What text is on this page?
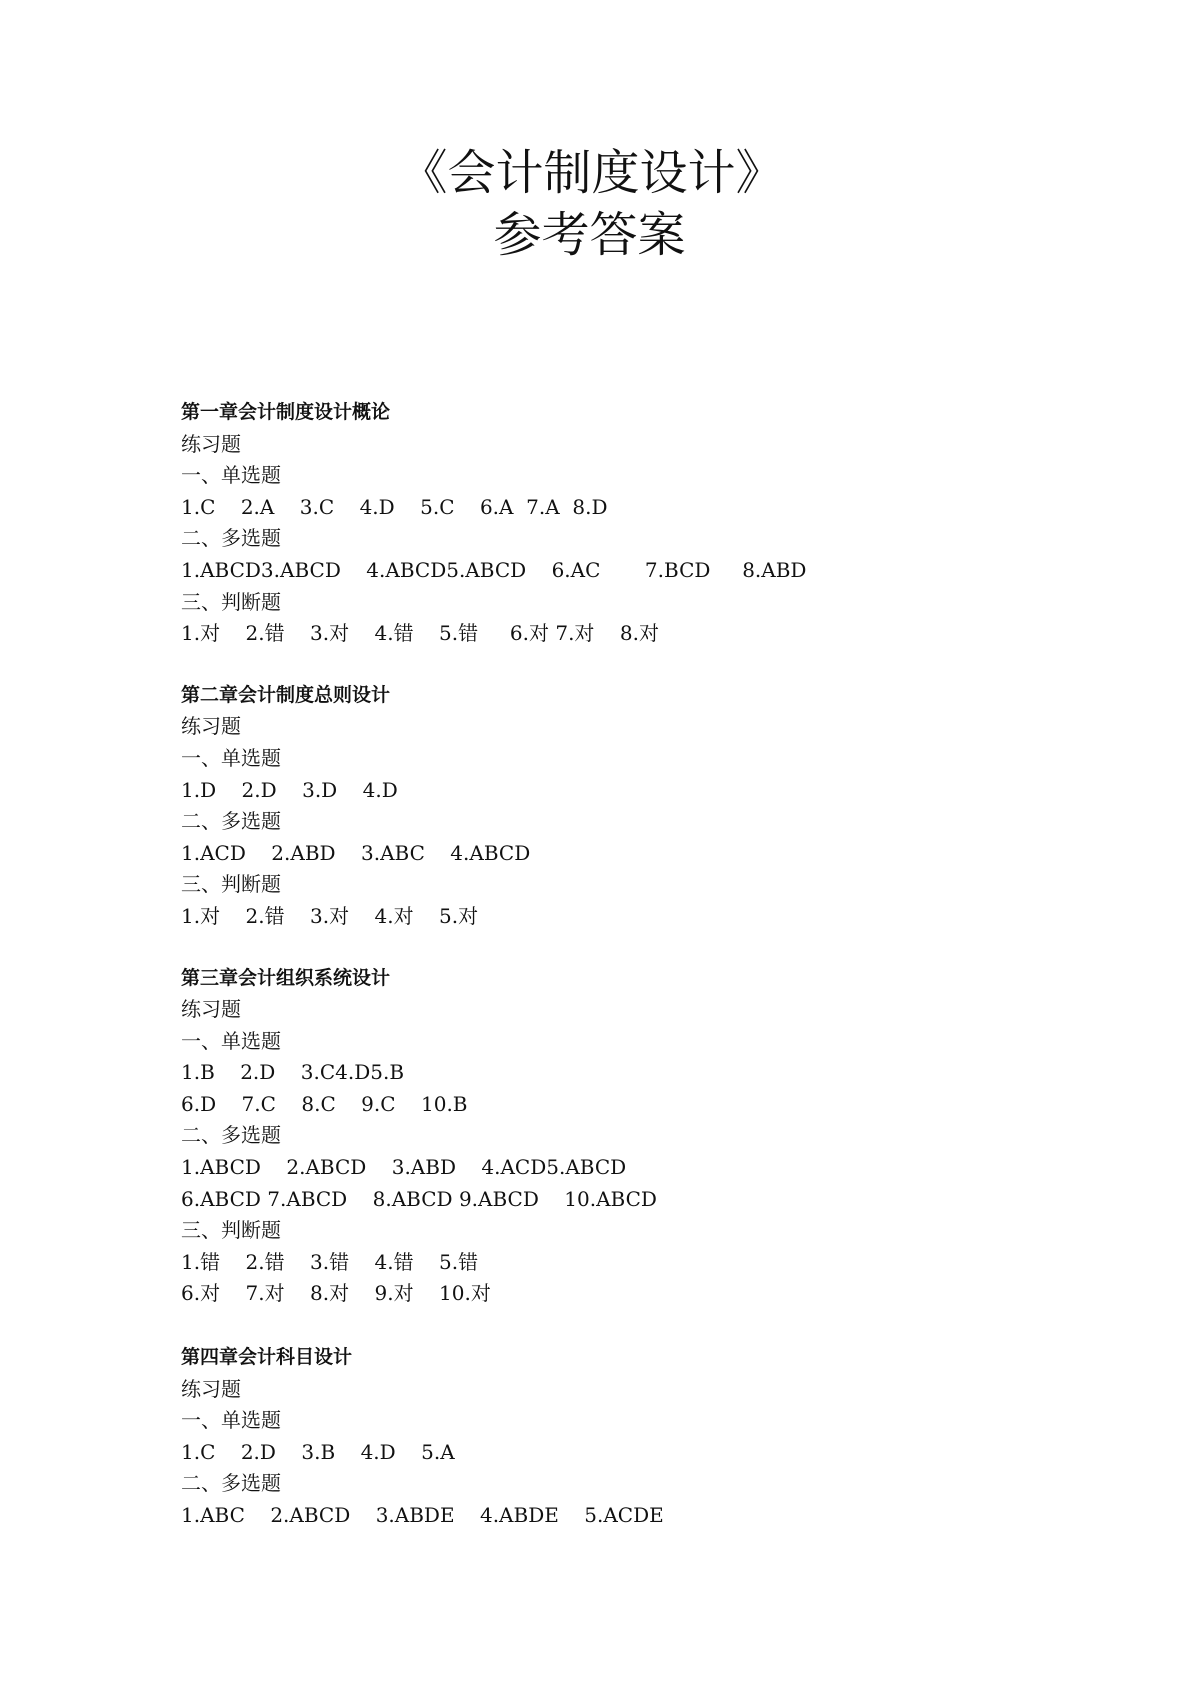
《会计制度设计》
参考答案
第一章会计制度设计概论
练习题
一、单选题
1.C    2.A    3.C    4.D    5.C    6.A  7.A  8.D
二、多选题
1.ABCD3.ABCD    4.ABCD5.ABCD    6.AC       7.BCD     8.ABD
三、判断题
1.对    2.错    3.对    4.错    5.错     6.对 7.对    8.对
第二章会计制度总则设计
练习题
一、单选题
1.D    2.D    3.D    4.D
二、多选题
1.ACD    2.ABD    3.ABC    4.ABCD
三、判断题
1.对    2.错    3.对    4.对    5.对
第三章会计组织系统设计
练习题
一、单选题
1.B    2.D    3.C4.D5.B
6.D    7.C    8.C    9.C    10.B
二、多选题
1.ABCD    2.ABCD    3.ABD    4.ACD5.ABCD
6.ABCD 7.ABCD    8.ABCD 9.ABCD    10.ABCD
三、判断题
1.错    2.错    3.错    4.错    5.错
6.对    7.对    8.对    9.对    10.对
第四章会计科目设计
练习题
一、单选题
1.C    2.D    3.B    4.D    5.A
二、多选题
1.ABC    2.ABCD    3.ABDE    4.ABDE    5.ACDE
